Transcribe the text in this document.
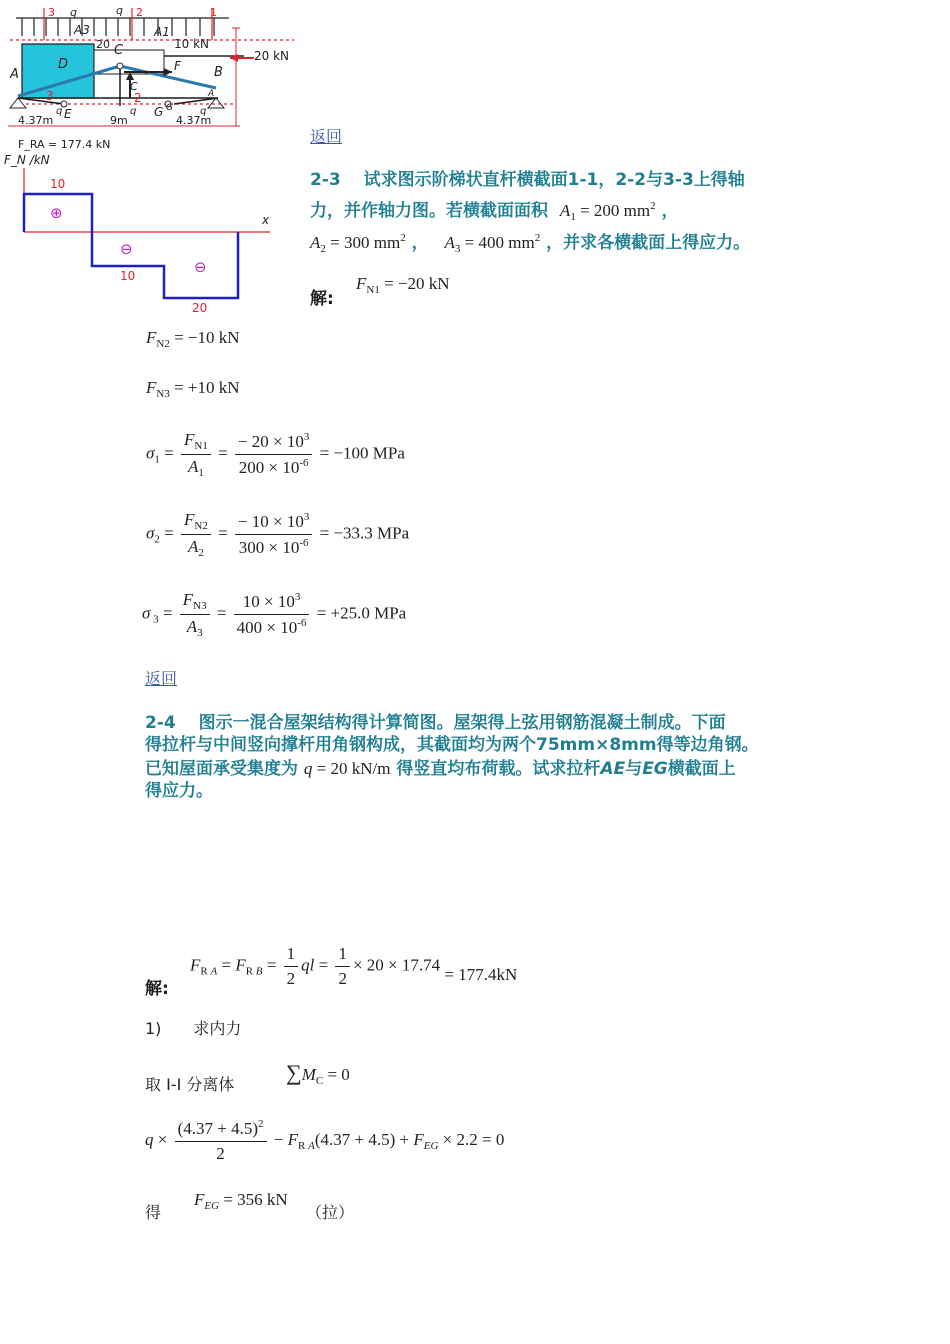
3 q	q 2	1
A3	A1
20
D
C	10 kN
20 kN
A	B
F
C
2
3
E	G
q	q	q
G
A
4.37m	9m	4.37m
F_RA = 177.4 kN
F_N /kN
x
10
⊕
⊖
10	⊖
20
返回
2-3　 试求图示阶梯状直杆横截面1-1，2-2与3-3上得轴
力，并作轴力图。若横截面面积 $A_1 = 200$ $mm^2$ ，
$A_2 = 300$ $mm^2$ ， $A_3 = 400$ $mm^2$ ，并求各横截面上得应力。
解:
$F_{N1} = -20$ kN
$F_{N2} = -10$ kN
$F_{N3} = +10$ kN
$\sigma_1 = \frac{F_{N1}}{A_1} = \frac{- 20 \times 10^3}{200 \times 10^{-6}} = -100$ MPa
$\sigma_2 = \frac{F_{N2}}{A_2} = \frac{- 10 \times 10^3}{300 \times 10^{-6}} = -33.3$ MPa
σ $_3 = \frac{F_{N3}}{A_3} = \frac{10 \times 10^3}{400 \times 10^{-6}} = +25.0$ MPa
返回
2-4　 图示一混合屋架结构得计算简图。屋架得上弦用钢筋混凝土制成。下面
得拉杆与中间竖向撑杆用角钢构成，其截面均为两个75mm×8mm得等边角钢。
已知屋面承受集度为 q = 20 kN/m 得竖直均布荷载。试求拉杆AE与EG横截面上
得应力。
解:
$F_{R A} = F_{R B} = \frac{1}{2}$ ql = $\frac{1}{2} \times 20 \times 17.74 = 177.4kN$
1)　　求内力
取 I-I 分离体 $\sum M_C = 0$
$q \times \frac{(4.37 + 4.5)^2}{2} - F_{R A}(4.37 + 4.5) + F_{EG} \times 2.2 = 0$
得
$F_{EG} = 356$ kN
（拉）
